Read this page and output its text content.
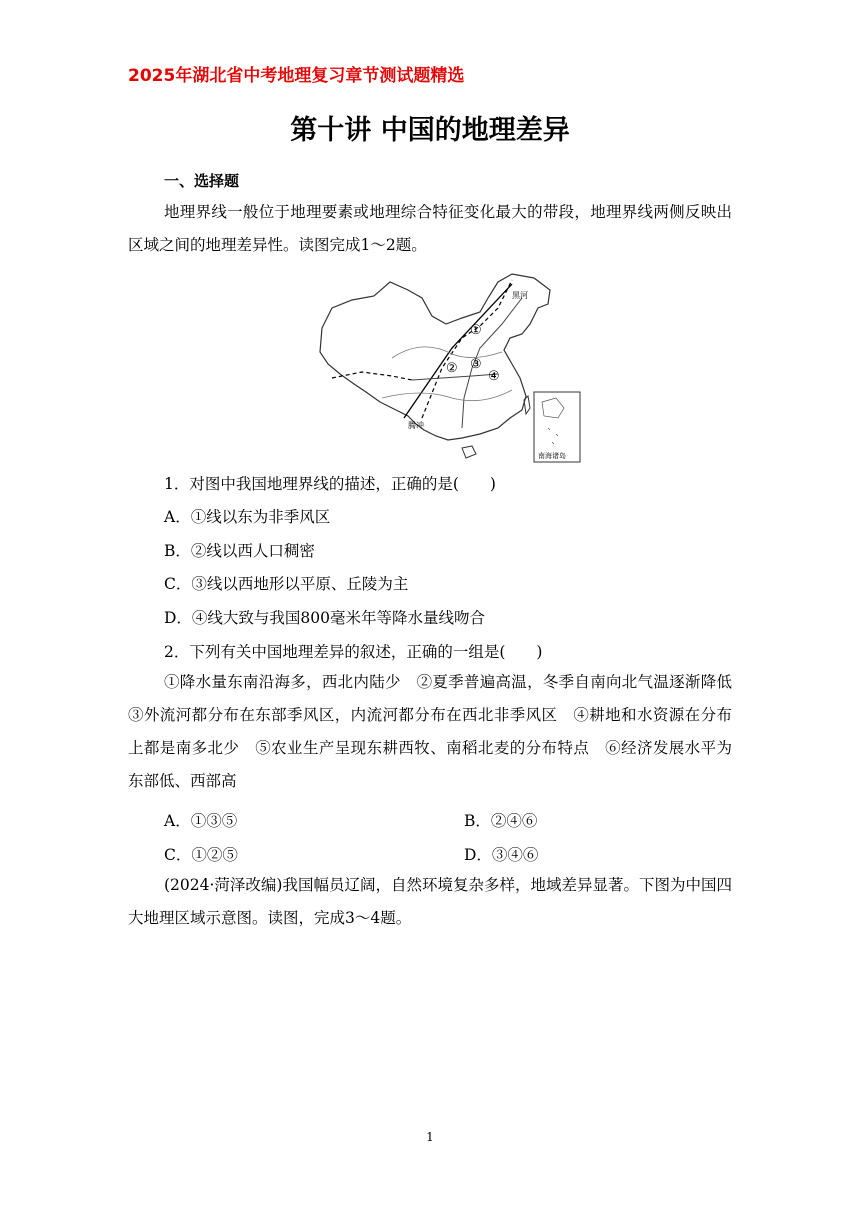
2025年湖北省中考地理复习章节测试题精选
第十讲 中国的地理差异
一、选择题
地理界线一般位于地理要素或地理综合特征变化最大的带段，地理界线两侧反映出区域之间的地理差异性。读图完成1～2题。
①
② ③
④
黑河
腾冲
南海诸岛
1．对图中我国地理界线的描述，正确的是(　　)
A．①线以东为非季风区
B．②线以西人口稠密
C．③线以西地形以平原、丘陵为主
D．④线大致与我国800毫米年等降水量线吻合
2．下列有关中国地理差异的叙述，正确的一组是(　　)
①降水量东南沿海多，西北内陆少　②夏季普遍高温，冬季自南向北气温逐渐降低　③外流河都分布在东部季风区，内流河都分布在西北非季风区　④耕地和水资源在分布上都是南多北少　⑤农业生产呈现东耕西牧、南稻北麦的分布特点　⑥经济发展水平为东部低、西部高
A．①③⑤	B．②④⑥
C．①②⑤	D．③④⑥
(2024·菏泽改编)我国幅员辽阔，自然环境复杂多样，地域差异显著。下图为中国四大地理区域示意图。读图，完成3～4题。
1
